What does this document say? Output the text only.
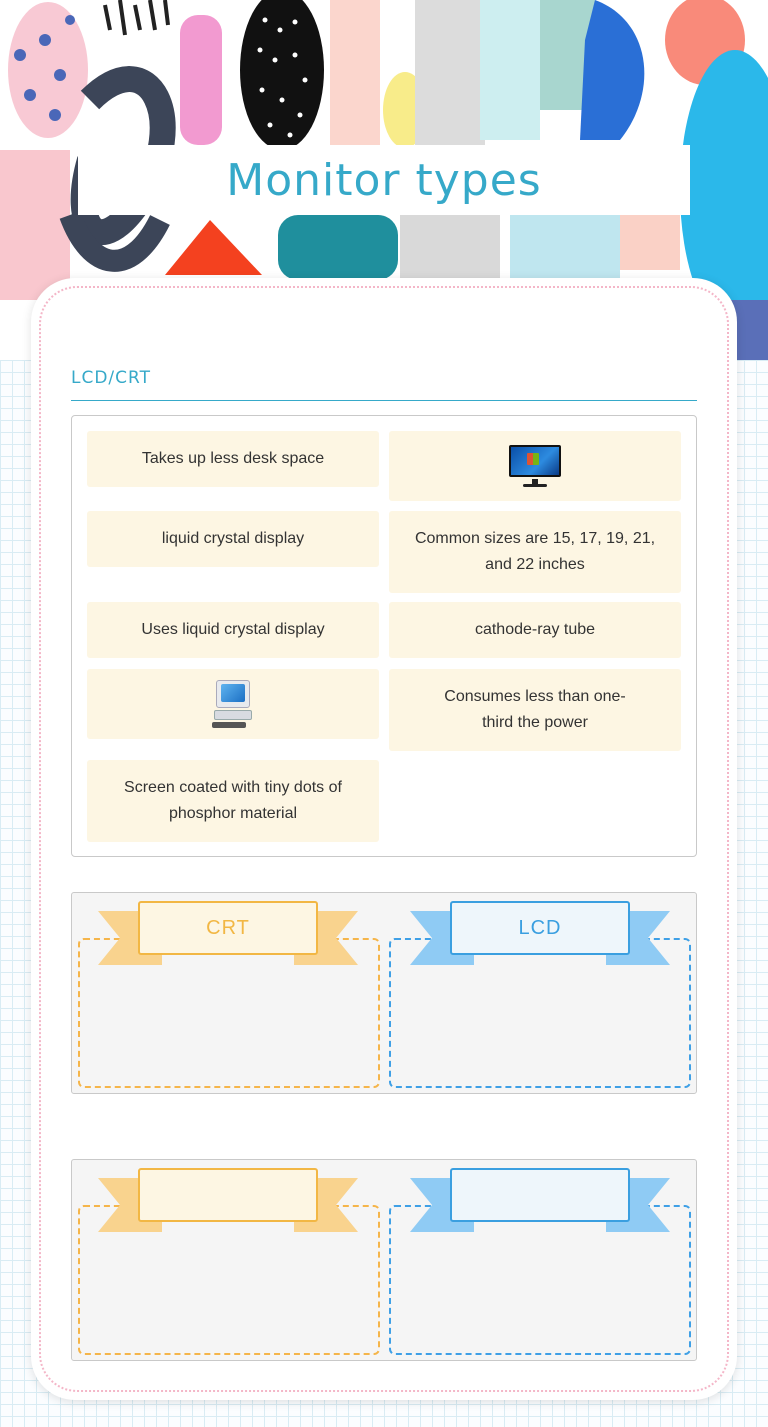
Monitor types
LCD/CRT
Takes up less desk space
liquid crystal display	Common sizes are 15, 17, 19, 21, and 22 inches
Uses liquid crystal display	cathode-ray tube
Consumes less than one-third the power
Screen coated with tiny dots of phosphor material
CRT	LCD
